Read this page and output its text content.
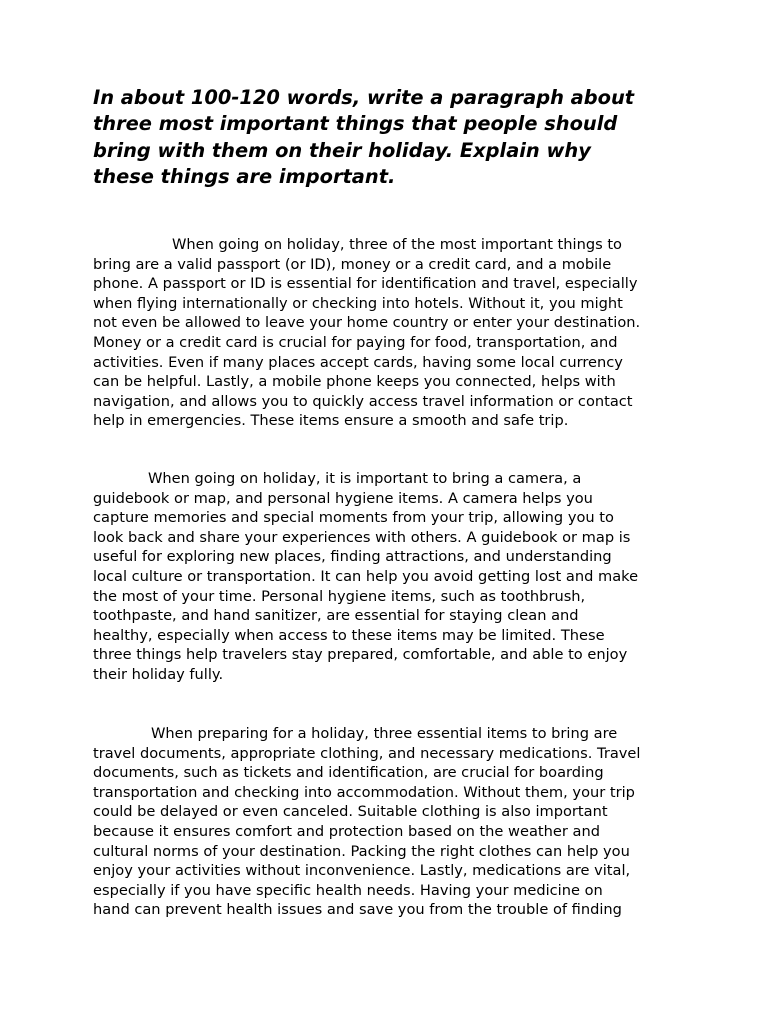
In about 100-120 words, write a paragraph about
three most important things that people should
bring with them on their holiday. Explain why
these things are important.
When going on holiday, three of the most important things to
bring are a valid passport (or ID), money or a credit card, and a mobile
phone. A passport or ID is essential for identification and travel, especially
when flying internationally or checking into hotels. Without it, you might
not even be allowed to leave your home country or enter your destination.
Money or a credit card is crucial for paying for food, transportation, and
activities. Even if many places accept cards, having some local currency
can be helpful. Lastly, a mobile phone keeps you connected, helps with
navigation, and allows you to quickly access travel information or contact
help in emergencies. These items ensure a smooth and safe trip.
When going on holiday, it is important to bring a camera, a
guidebook or map, and personal hygiene items. A camera helps you
capture memories and special moments from your trip, allowing you to
look back and share your experiences with others. A guidebook or map is
useful for exploring new places, finding attractions, and understanding
local culture or transportation. It can help you avoid getting lost and make
the most of your time. Personal hygiene items, such as toothbrush,
toothpaste, and hand sanitizer, are essential for staying clean and
healthy, especially when access to these items may be limited. These
three things help travelers stay prepared, comfortable, and able to enjoy
their holiday fully.
When preparing for a holiday, three essential items to bring are
travel documents, appropriate clothing, and necessary medications. Travel
documents, such as tickets and identification, are crucial for boarding
transportation and checking into accommodation. Without them, your trip
could be delayed or even canceled. Suitable clothing is also important
because it ensures comfort and protection based on the weather and
cultural norms of your destination. Packing the right clothes can help you
enjoy your activities without inconvenience. Lastly, medications are vital,
especially if you have specific health needs. Having your medicine on
hand can prevent health issues and save you from the trouble of finding
